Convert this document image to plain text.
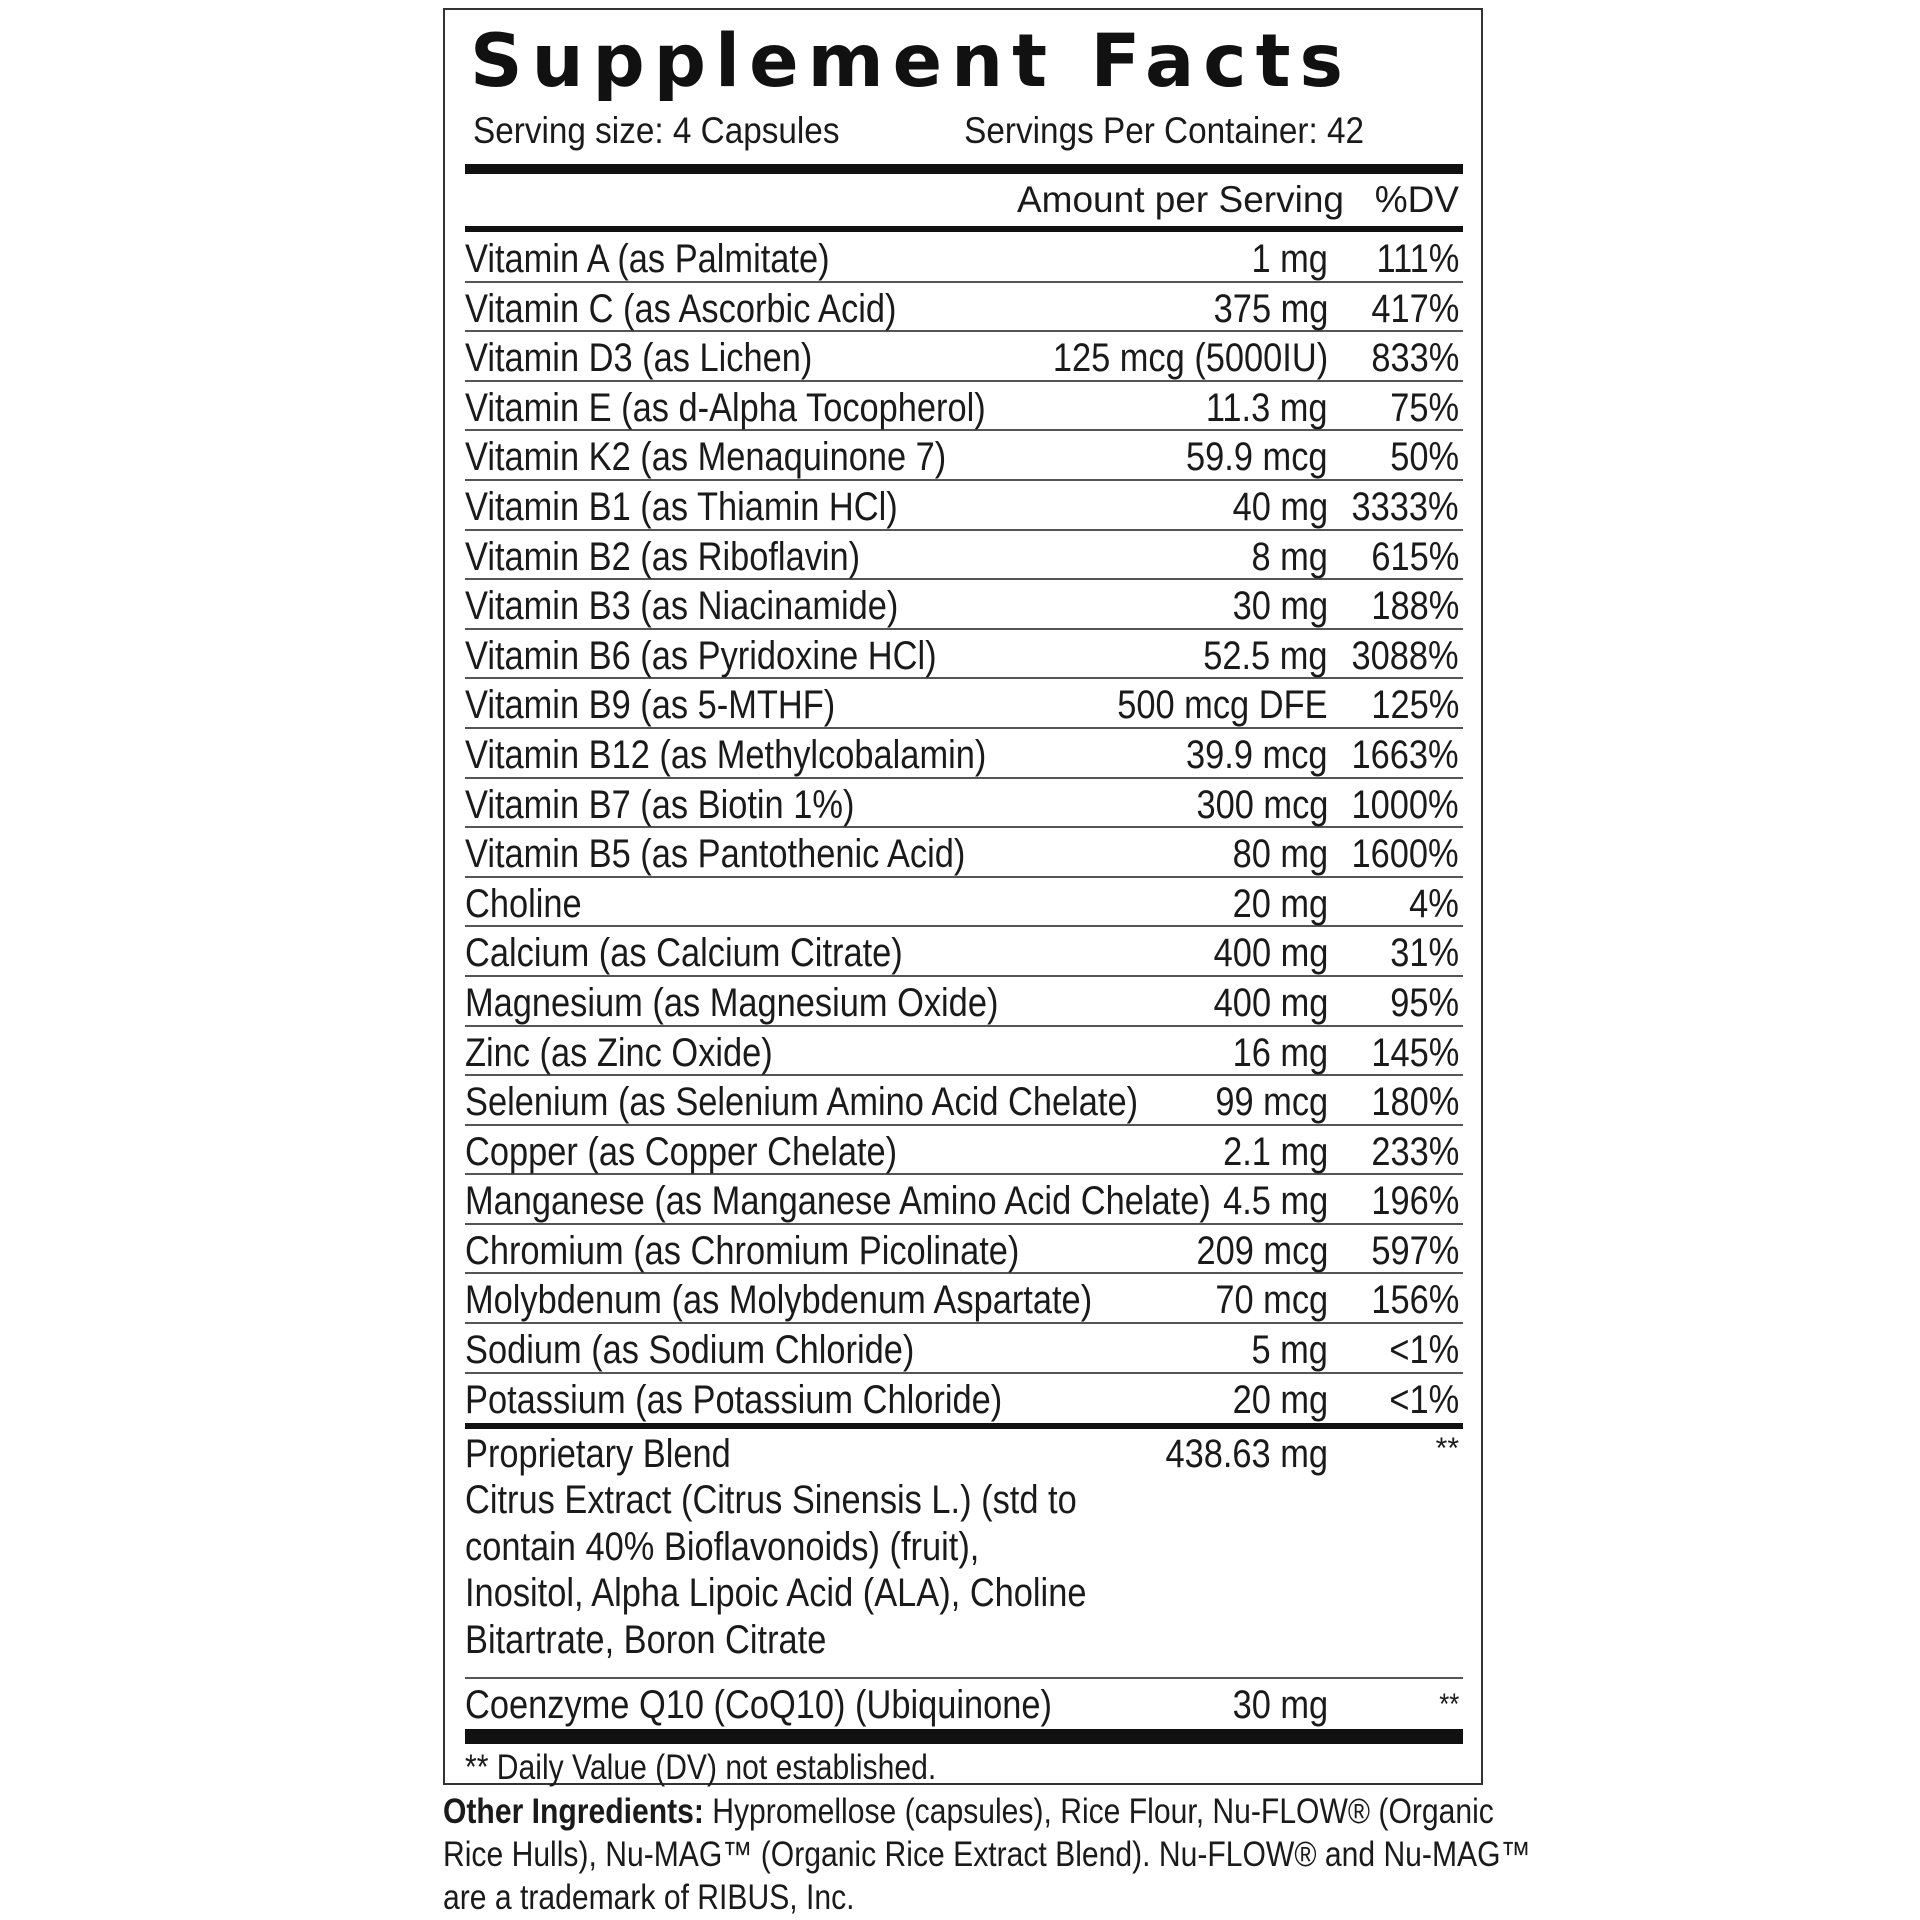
Supplement Facts
Serving size: 4 Capsules	Servings Per Container: 42
Amount per Serving %DV
Vitamin A (as Palmitate)	1 mg 111%
Vitamin C (as Ascorbic Acid)	375 mg 417%
Vitamin D3 (as Lichen)	125 mcg (5000IU) 833%
Vitamin E (as d-Alpha Tocopherol)	11.3 mg 75%
Vitamin K2 (as Menaquinone 7)	59.9 mcg 50%
Vitamin B1 (as Thiamin HCl)	40 mg 3333%
Vitamin B2 (as Riboflavin)	8 mg 615%
Vitamin B3 (as Niacinamide)	30 mg 188%
Vitamin B6 (as Pyridoxine HCl)	52.5 mg 3088%
Vitamin B9 (as 5-MTHF)	500 mcg DFE 125%
Vitamin B12 (as Methylcobalamin)	39.9 mcg 1663%
Vitamin B7 (as Biotin 1%)	300 mcg 1000%
Vitamin B5 (as Pantothenic Acid)	80 mg 1600%
Choline	20 mg 4%
Calcium (as Calcium Citrate)	400 mg 31%
Magnesium (as Magnesium Oxide)	400 mg 95%
Zinc (as Zinc Oxide)	16 mg 145%
Selenium (as Selenium Amino Acid Chelate) 99 mcg 180%
Copper (as Copper Chelate)	2.1 mg 233%
Manganese (as Manganese Amino Acid Chelate) 4.5 mg 196%
Chromium (as Chromium Picolinate)	209 mcg 597%
Molybdenum (as Molybdenum Aspartate)	70 mcg 156%
Sodium (as Sodium Chloride)	5 mg <1%
Potassium (as Potassium Chloride)	20 mg <1%
Proprietary Blend	438.63 mg	**
Citrus Extract (Citrus Sinensis L.) (std to contain 40% Bioflavonoids) (fruit), Inositol, Alpha Lipoic Acid (ALA), Choline Bitartrate, Boron Citrate
Coenzyme Q10 (CoQ10) (Ubiquinone)	30 mg	**
** Daily Value (DV) not established.
Other Ingredients: Hypromellose (capsules), Rice Flour, Nu-FLOW® (Organic Rice Hulls), Nu-MAG™ (Organic Rice Extract Blend). Nu-FLOW® and Nu-MAG™ are a trademark of RIBUS, Inc.
